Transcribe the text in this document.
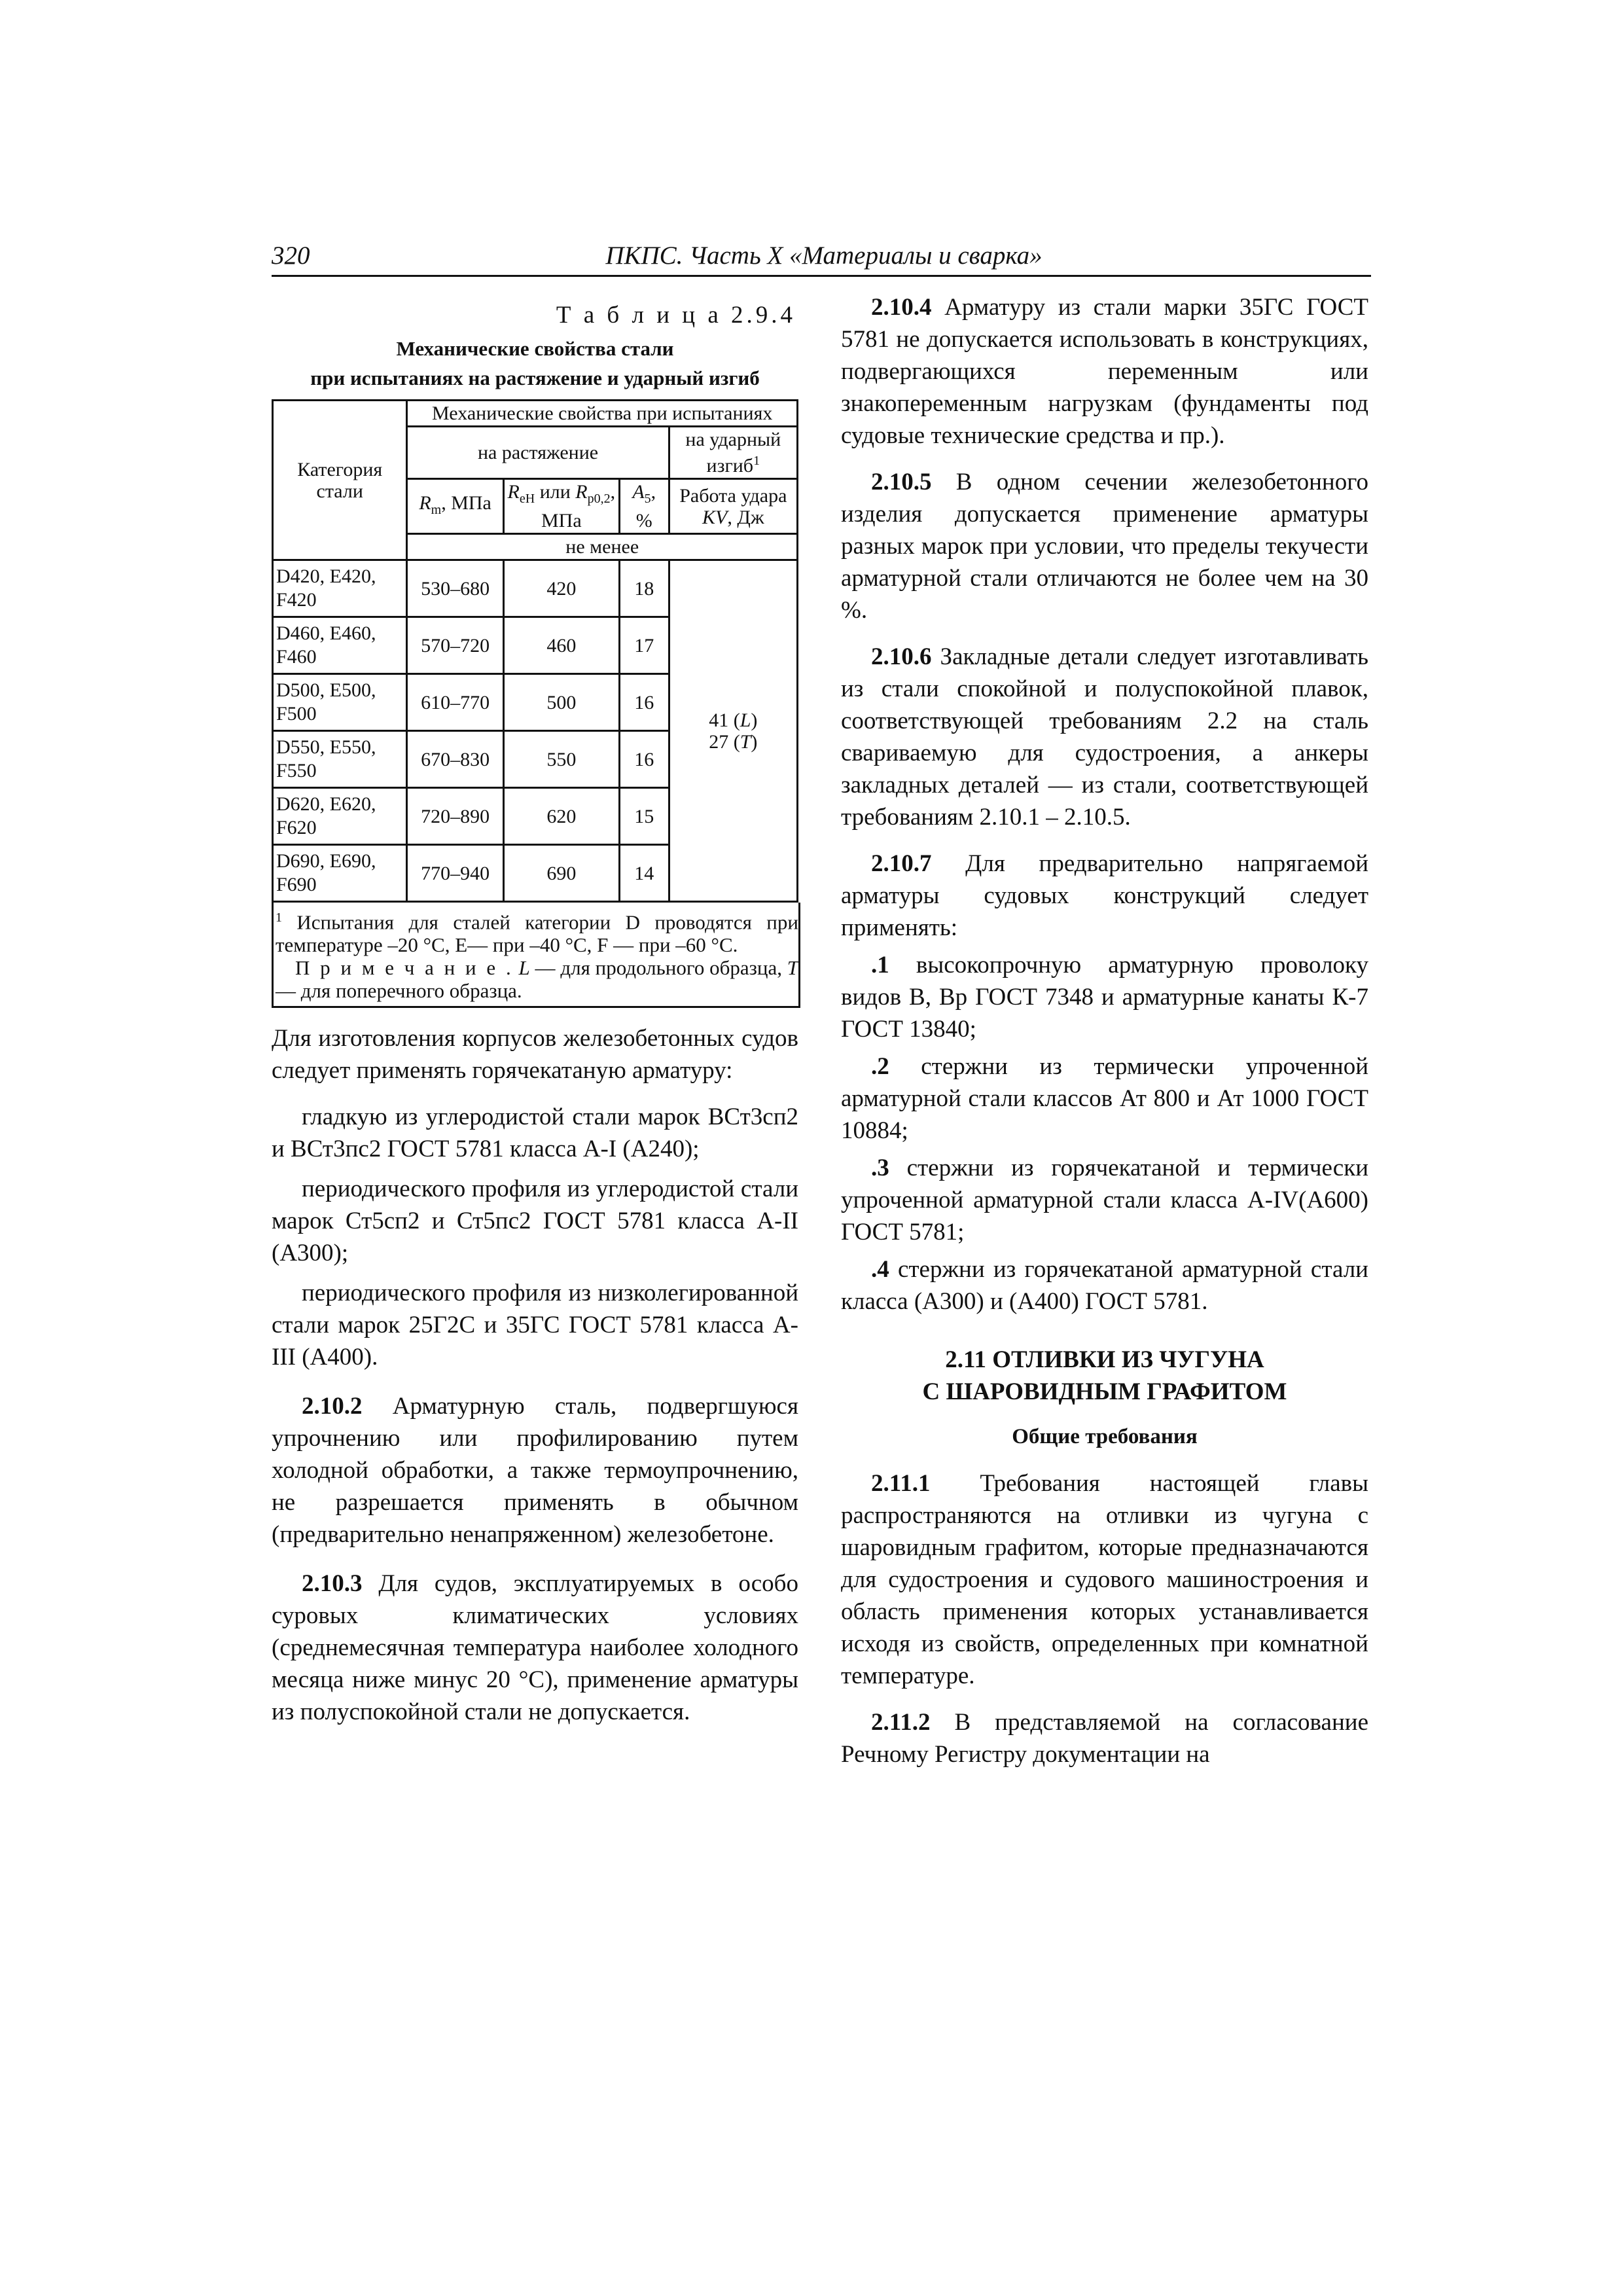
320	ПКПС. Часть X «Материалы и сварка»
Т а б л и ц а 2.9.4
Механические свойства стали
при испытаниях на растяжение и ударный изгиб
Категория стали	Механические свойства при испытаниях			
	на растяжение			на ударный изгиб$^1$
	$R_m$, МПа	$R_{eH}$ или $R_{p0,2}$, МПа	$A_5$, %	Работа удара KV, Дж
	не менее			
D420, E420, F420	530–680	420	18	41 (L)
27 (T)

D460, E460, F460	570–720	460	17	
D500, E500, F500	610–770	500	16	
D550, E550, F550	670–830	550	16	
D620, E620, F620	720–890	620	15	
D690, E690, F690	770–940	690	14	
$^1$ Испытания для сталей категории D проводятся при температуре –20 °С, E— при –40 °С, F — при –60 °С.
П р и м е ч а н и е . L — для продольного образца, T — для поперечного образца.

Для изготовления корпусов железобетонных судов следует применять горячекатаную арматуру:

гладкую из углеродистой стали марок ВСт3сп2 и ВСт3пс2 ГОСТ 5781 класса А-I (А240);

периодического профиля из углеродистой стали марок Ст5сп2 и Ст5пс2 ГОСТ 5781 класса А-II (А300);

периодического профиля из низколегированной стали марок 25Г2С и 35ГС ГОСТ 5781 класса А-III (А400).

2.10.2 Арматурную сталь, подвергшуюся упрочнению или профилированию путем холодной обработки, а также термоупрочнению, не разрешается применять в обычном (предварительно ненапряженном) железобетоне.

2.10.3 Для судов, эксплуатируемых в особо суровых климатических условиях (среднемесячная температура наиболее холодного месяца ниже минус 20 °С), применение арматуры из полуспокойной стали не допускается.

2.10.4 Арматуру из стали марки 35ГС ГОСТ 5781 не допускается использовать в конструкциях, подвергающихся переменным или знакопеременным нагрузкам (фундаменты под судовые технические средства и пр.).

2.10.5 В одном сечении железобетонного изделия допускается применение арматуры разных марок при условии, что пределы текучести арматурной стали отличаются не более чем на 30 %.

2.10.6 Закладные детали следует изготавливать из стали спокойной и полуспокойной плавок, соответствующей требованиям 2.2 на сталь свариваемую для судостроения, а анкеры закладных деталей — из стали, соответствующей требованиям 2.10.1 – 2.10.5.

2.10.7 Для предварительно напрягаемой арматуры судовых конструкций следует применять:

.1 высокопрочную арматурную проволоку видов В, Вр ГОСТ 7348 и арматурные канаты К-7 ГОСТ 13840;

.2 стержни из термически упроченной арматурной стали классов Ат 800 и Ат 1000 ГОСТ 10884;

.3 стержни из горячекатаной и термически упроченной арматурной стали класса А-IV(А600) ГОСТ 5781;

.4 стержни из горячекатаной арматурной стали класса (А300) и (А400) ГОСТ 5781.

2.11 ОТЛИВКИ ИЗ ЧУГУНА
С ШАРОВИДНЫМ ГРАФИТОМ
Общие требования

2.11.1 Требования настоящей главы распространяются на отливки из чугуна с шаровидным графитом, которые предназначаются для судостроения и судового машиностроения и область применения которых устанавливается исходя из свойств, определенных при комнатной температуре.

2.11.2 В представляемой на согласование Речному Регистру документации на
